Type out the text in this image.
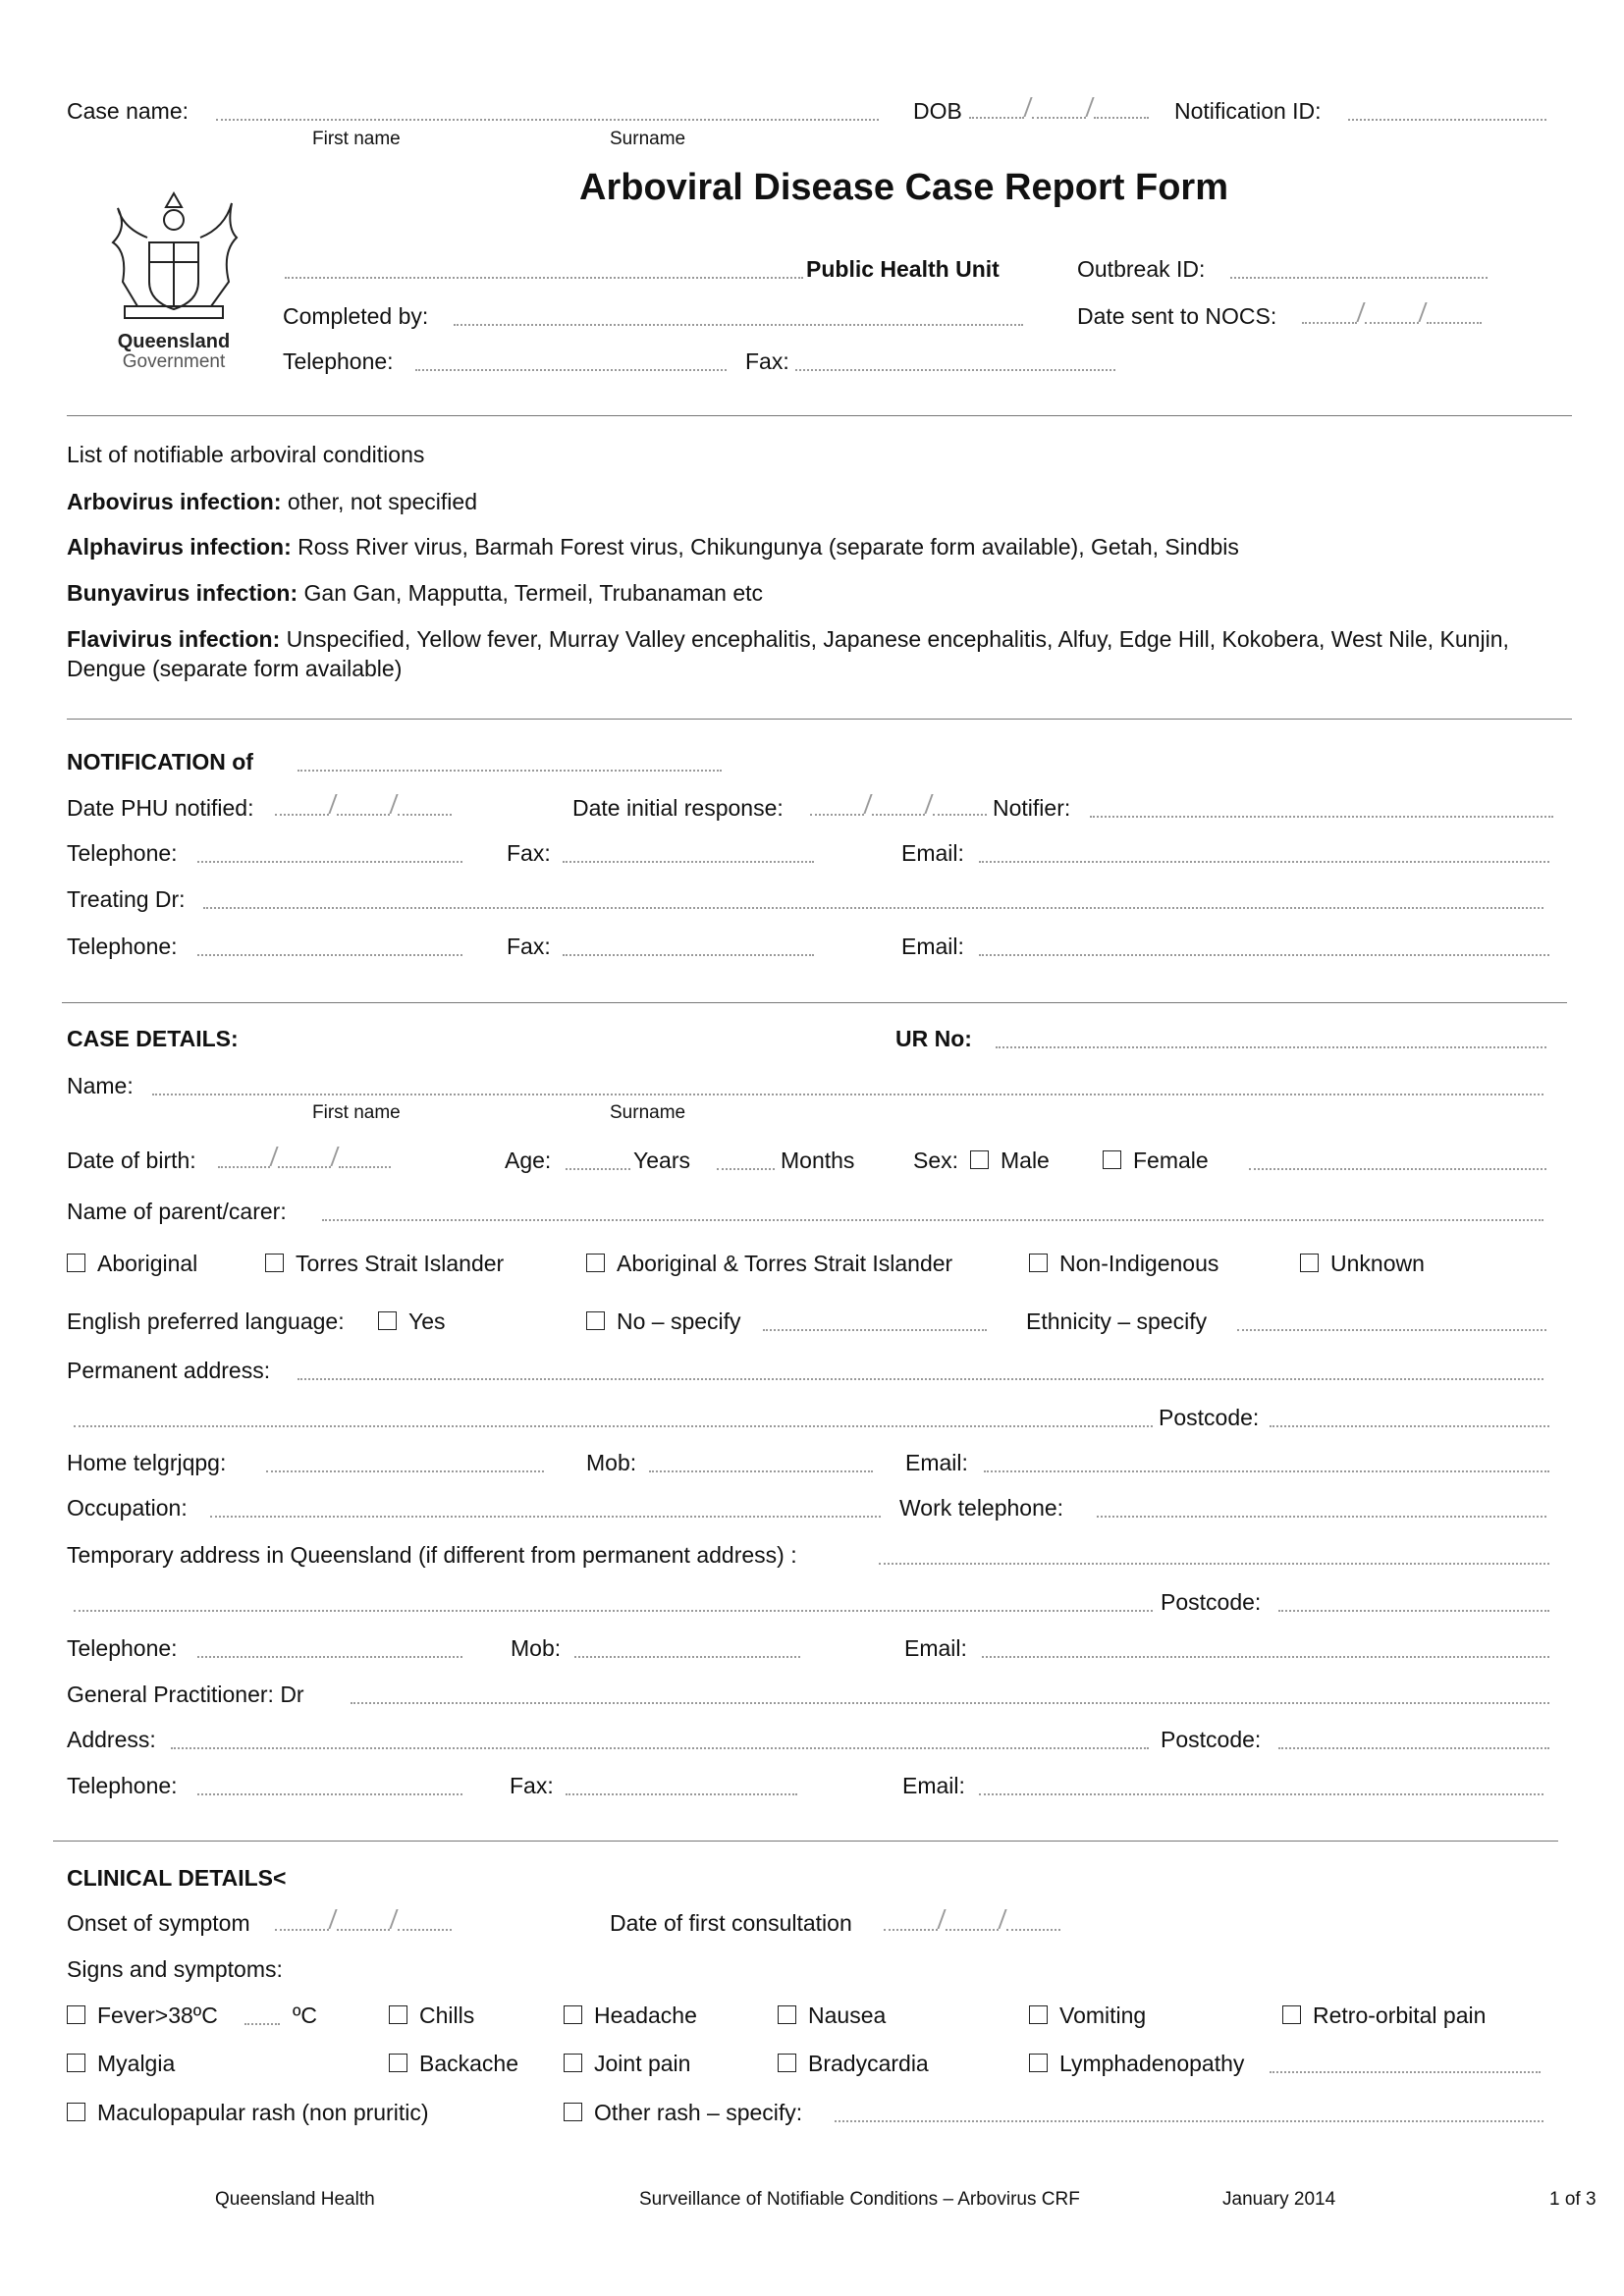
Case name:	DOB	Notification ID:
First name	Surname
Arboviral Disease Case Report Form
Queensland
Government
Public Health Unit	Outbreak ID:
Completed by:	Date sent to NOCS:
Telephone:	Fax:
List of notifiable arboviral conditions
Arbovirus infection: other, not specified
Alphavirus infection: Ross River virus, Barmah Forest virus, Chikungunya (separate form available), Getah, Sindbis
Bunyavirus infection: Gan Gan, Mapputta, Termeil, Trubanaman etc
Flavivirus infection: Unspecified, Yellow fever, Murray Valley encephalitis, Japanese encephalitis, Alfuy, Edge Hill, Kokobera, West Nile, Kunjin, Dengue (separate form available)
NOTIFICATION of
Date PHU notified:	Date initial response:	Notifier:
Telephone:	Fax:	Email:
Treating Dr:
Telephone:	Fax:	Email:
CASE DETAILS:	UR No:
Name:
First name	Surname
Date of birth:	Age:	Years	Months	Sex:	Male	Female
Name of parent/carer:
Aboriginal	Torres Strait Islander	Aboriginal & Torres Strait Islander	Non-Indigenous	Unknown
English preferred language:	Yes	No – specify	Ethnicity – specify
Permanent address:
Postcode:
Home telgrjqpg:	Mob:	Email:
Occupation:	Work telephone:
Temporary address in Queensland (if different from permanent address) :
Postcode:
Telephone:	Mob:	Email:
General Practitioner: Dr
Address:	Postcode:
Telephone:	Fax:	Email:
CLINICAL DETAILS<
Onset of symptom	Date of first consultation
Signs and symptoms:
Fever>38ºC	ºC	Chills	Headache	Nausea	Vomiting	Retro-orbital pain
Myalgia	Backache	Joint pain	Bradycardia	Lymphadenopathy
Maculopapular rash (non pruritic)	Other rash – specify:
Queensland Health	Surveillance of Notifiable Conditions – Arbovirus CRF	January 2014	1 of 3
